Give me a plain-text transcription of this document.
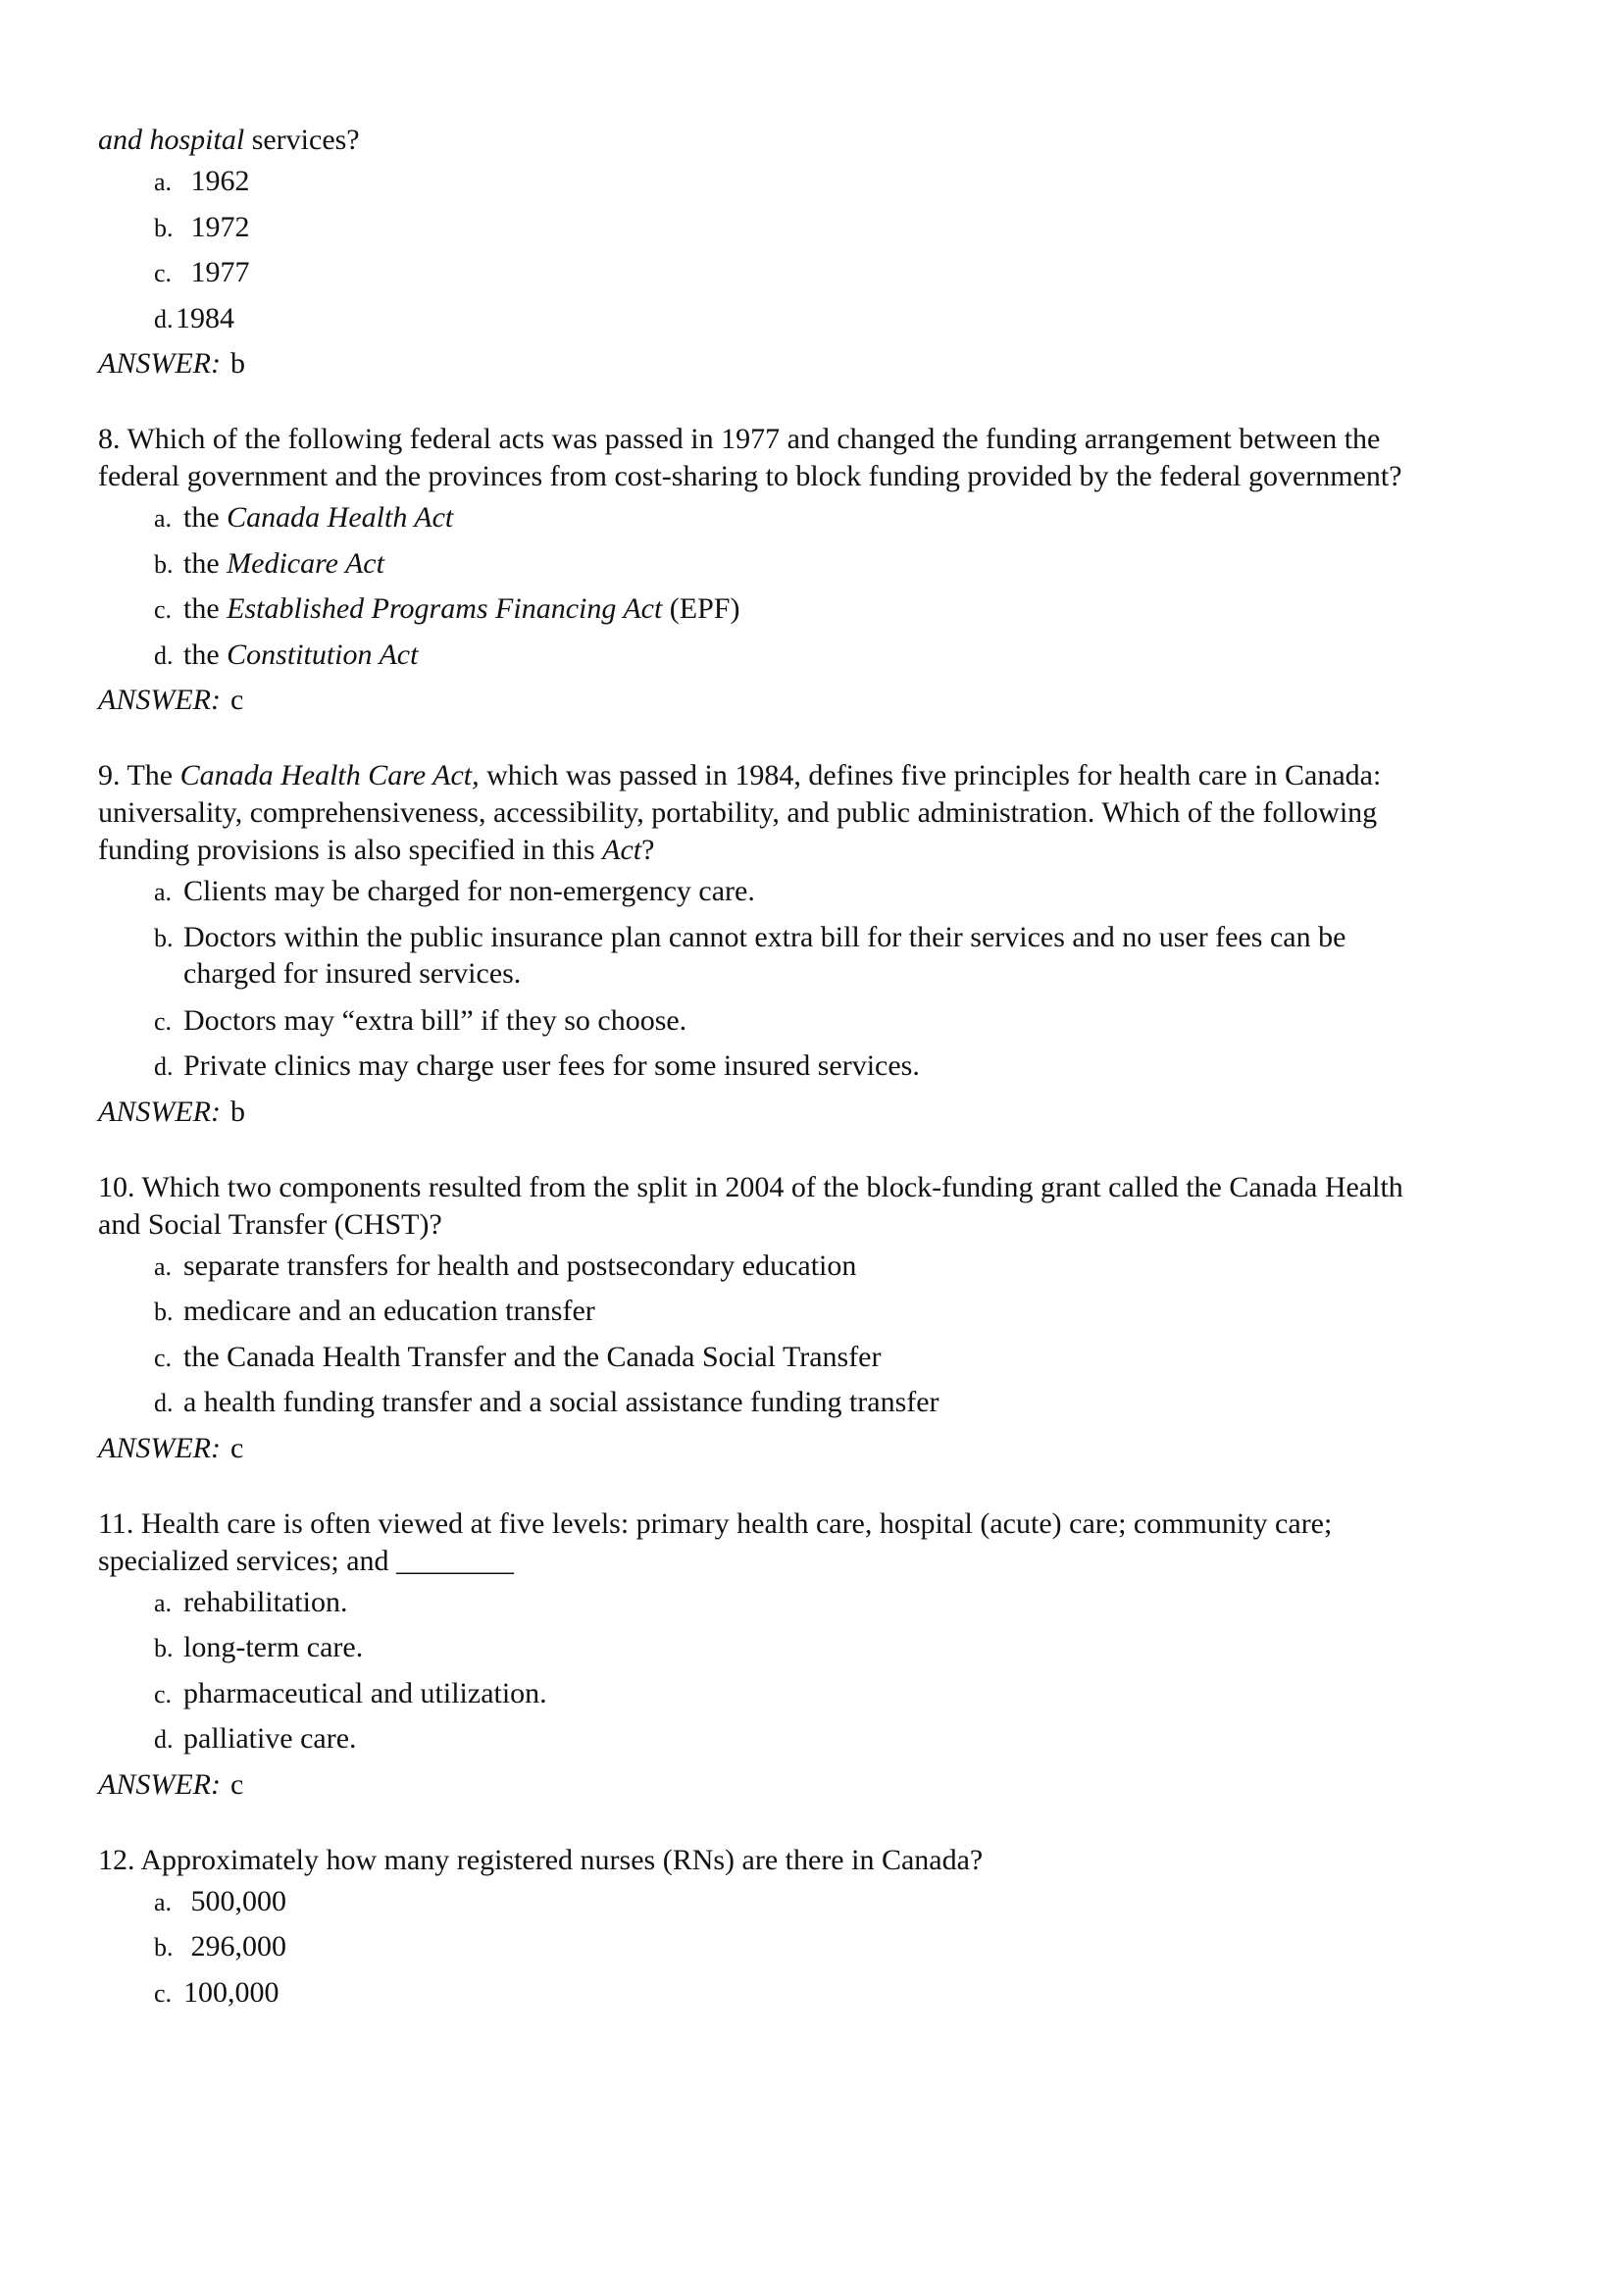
and hospital services?
a. 1962
b. 1972
c. 1977
d.1984
ANSWER: b
8. Which of the following federal acts was passed in 1977 and changed the funding arrangement between the
federal government and the provinces from cost-sharing to block funding provided by the federal government?
a. the Canada Health Act
b. the Medicare Act
c. the Established Programs Financing Act (EPF)
d. the Constitution Act
ANSWER: c
9. The Canada Health Care Act, which was passed in 1984, defines five principles for health care in Canada:
universality, comprehensiveness, accessibility, portability, and public administration. Which of the following
funding provisions is also specified in this Act?
a. Clients may be charged for non-emergency care.
b. Doctors within the public insurance plan cannot extra bill for their services and no user fees can be
charged for insured services.
c. Doctors may “extra bill” if they so choose.
d. Private clinics may charge user fees for some insured services.
ANSWER: b
10. Which two components resulted from the split in 2004 of the block-funding grant called the Canada Health
and Social Transfer (CHST)?
a. separate transfers for health and postsecondary education
b. medicare and an education transfer
c. the Canada Health Transfer and the Canada Social Transfer
d. a health funding transfer and a social assistance funding transfer
ANSWER: c
11. Health care is often viewed at five levels: primary health care, hospital (acute) care; community care;
specialized services; and ________
a. rehabilitation.
b. long-term care.
c. pharmaceutical and utilization.
d. palliative care.
ANSWER: c
12. Approximately how many registered nurses (RNs) are there in Canada?
a. 500,000
b. 296,000
c. 100,000
